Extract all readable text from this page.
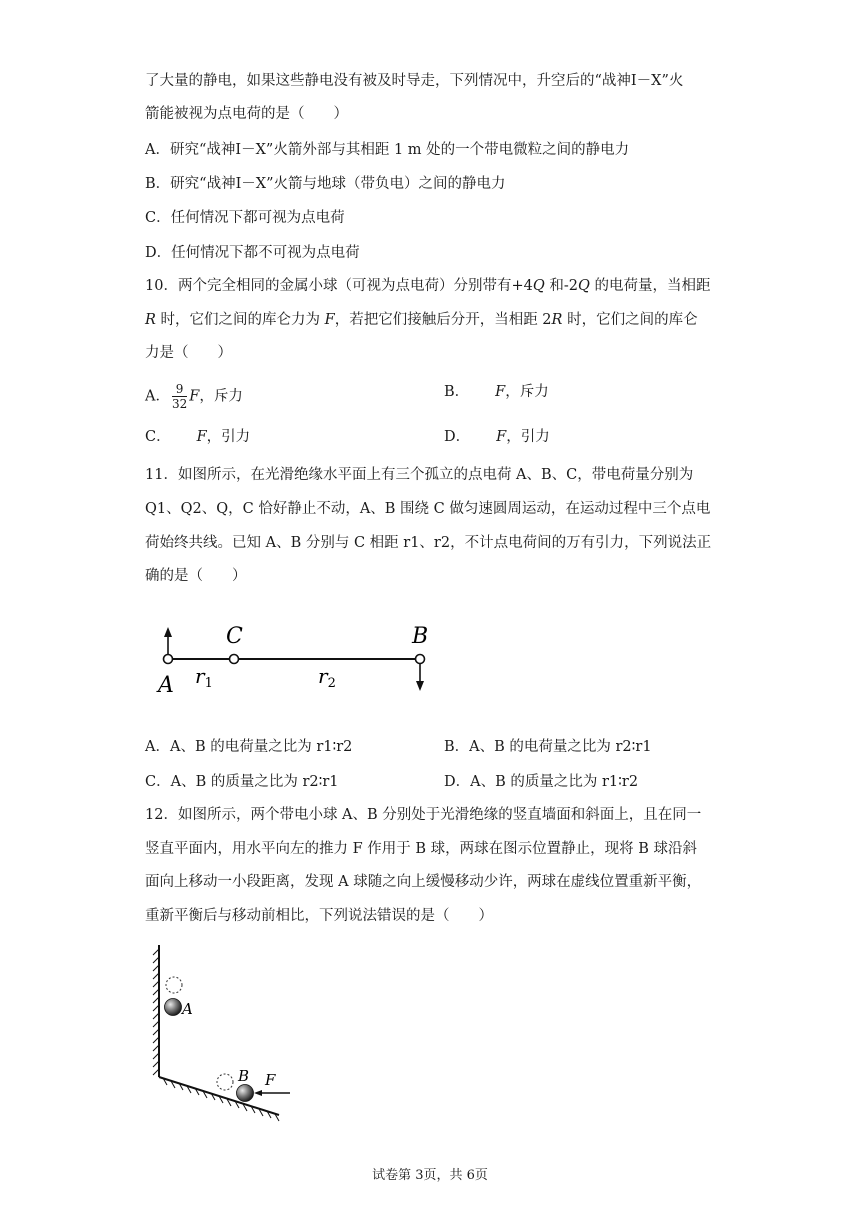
了大量的静电，如果这些静电没有被及时导走，下列情况中，升空后的“战神Ⅰ－X”火
箭能被视为点电荷的是（　　）
A．研究“战神Ⅰ－X”火箭外部与其相距 1 m 处的一个带电微粒之间的静电力
B．研究“战神Ⅰ－X”火箭与地球（带负电）之间的静电力
C．任何情况下都可视为点电荷
D．任何情况下都不可视为点电荷
10．两个完全相同的金属小球（可视为点电荷）分别带有+4Q 和-2Q 的电荷量，当相距
R 时，它们之间的库仑力为 F，若把它们接触后分开，当相距 2R 时，它们之间的库仑
力是（　　）
A． $\frac{9}{32}$ F，斥力	B． F，斥力
C． F，引力	D． F，引力
11．如图所示，在光滑绝缘水平面上有三个孤立的点电荷 A、B、C，带电荷量分别为
Q1、Q2、Q，C 恰好静止不动，A、B 围绕 C 做匀速圆周运动，在运动过程中三个点电
荷始终共线。已知 A、B 分别与 C 相距 r1、r2，不计点电荷间的万有引力，下列说法正
确的是（　　）
C	B
A $r_1$	$r_2$
A．A、B 的电荷量之比为 r1∶r2	B．A、B 的电荷量之比为 r2∶r1
C．A、B 的质量之比为 r2∶r1	D．A、B 的质量之比为 r1∶r2
12．如图所示，两个带电小球 A、B 分别处于光滑绝缘的竖直墙面和斜面上，且在同一
竖直平面内，用水平向左的推力 F 作用于 B 球，两球在图示位置静止，现将 B 球沿斜
面向上移动一小段距离，发现 A 球随之向上缓慢移动少许，两球在虚线位置重新平衡，
重新平衡后与移动前相比，下列说法错误的是（　　）
A
B F
试卷第 3页，共 6页
